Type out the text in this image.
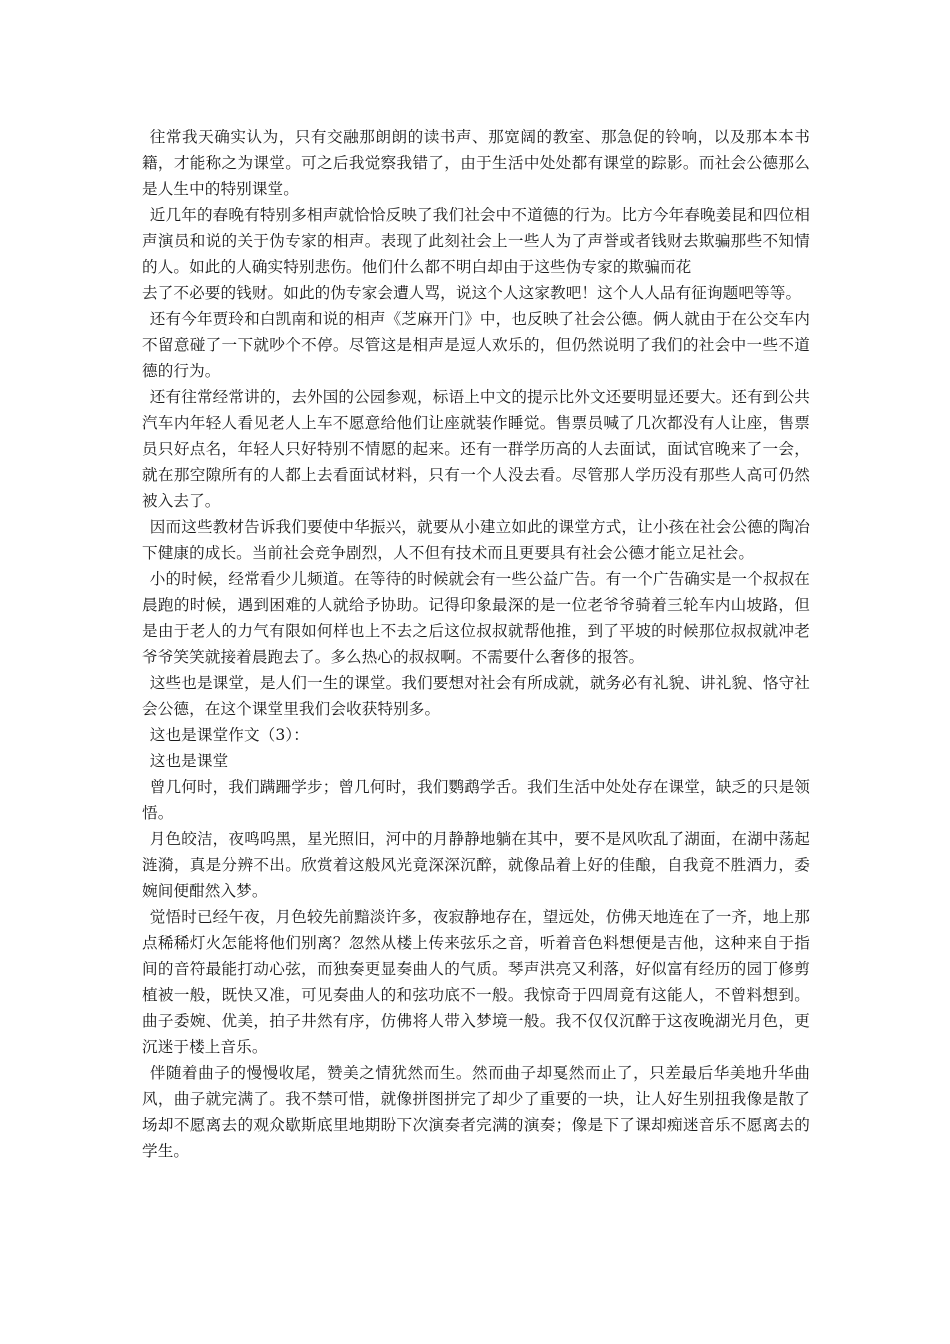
往常我天确实认为，只有交融那朗朗的读书声、那宽阔的教室、那急促的铃响，以及那本本书籍，才能称之为课堂。可之后我觉察我错了，由于生活中处处都有课堂的踪影。而社会公德那么是人生中的特别课堂。

近几年的春晚有特别多相声就恰恰反映了我们社会中不道德的行为。比方今年春晚姜昆和四位相声演员和说的关于伪专家的相声。表现了此刻社会上一些人为了声誉或者钱财去欺骗那些不知情的人。如此的人确实特别悲伤。他们什么都不明白却由于这些伪专家的欺骗而花

去了不必要的钱财。如此的伪专家会遭人骂，说这个人这家教吧！这个人人品有征询题吧等等。

还有今年贾玲和白凯南和说的相声《芝麻开门》中，也反映了社会公德。俩人就由于在公交车内不留意碰了一下就吵个不停。尽管这是相声是逗人欢乐的，但仍然说明了我们的社会中一些不道德的行为。

还有往常经常讲的，去外国的公园参观，标语上中文的提示比外文还要明显还要大。还有到公共汽车内年轻人看见老人上车不愿意给他们让座就装作睡觉。售票员喊了几次都没有人让座，售票员只好点名，年轻人只好特别不情愿的起来。还有一群学历高的人去面试，面试官晚来了一会，就在那空隙所有的人都上去看面试材料，只有一个人没去看。尽管那人学历没有那些人高可仍然被入去了。

因而这些教材告诉我们要使中华振兴，就要从小建立如此的课堂方式，让小孩在社会公德的陶冶下健康的成长。当前社会竞争剧烈，人不但有技术而且更要具有社会公德才能立足社会。

小的时候，经常看少儿频道。在等待的时候就会有一些公益广告。有一个广告确实是一个叔叔在晨跑的时候，遇到困难的人就给予协助。记得印象最深的是一位老爷爷骑着三轮车内山坡路，但是由于老人的力气有限如何样也上不去之后这位叔叔就帮他推，到了平坡的时候那位叔叔就冲老爷爷笑笑就接着晨跑去了。多么热心的叔叔啊。不需要什么奢侈的报答。

这些也是课堂，是人们一生的课堂。我们要想对社会有所成就，就务必有礼貌、讲礼貌、恪守社会公德，在这个课堂里我们会收获特别多。

这也是课堂作文（3）：

这也是课堂

曾几何时，我们蹒跚学步；曾几何时，我们鹦鹉学舌。我们生活中处处存在课堂，缺乏的只是领悟。

月色皎洁，夜鸣呜黑，星光照旧，河中的月静静地躺在其中，要不是风吹乱了湖面，在湖中荡起涟漪，真是分辨不出。欣赏着这般风光竟深深沉醉，就像品着上好的佳酿，自我竟不胜酒力，委婉间便酣然入梦。

觉悟时已经午夜，月色较先前黯淡许多，夜寂静地存在，望远处，仿佛天地连在了一齐，地上那点稀稀灯火怎能将他们别离？忽然从楼上传来弦乐之音，听着音色料想便是吉他，这种来自于指间的音符最能打动心弦，而独奏更显奏曲人的气质。琴声洪亮又利落，好似富有经历的园丁修剪植被一般，既快又准，可见奏曲人的和弦功底不一般。我惊奇于四周竟有这能人，不曾料想到。曲子委婉、优美，拍子井然有序，仿佛将人带入梦境一般。我不仅仅沉醉于这夜晚湖光月色，更沉迷于楼上音乐。

伴随着曲子的慢慢收尾，赞美之情犹然而生。然而曲子却戛然而止了，只差最后华美地升华曲风，曲子就完满了。我不禁可惜，就像拼图拼完了却少了重要的一块，让人好生别扭我像是散了场却不愿离去的观众歇斯底里地期盼下次演奏者完满的演奏；像是下了课却痴迷音乐不愿离去的学生。
